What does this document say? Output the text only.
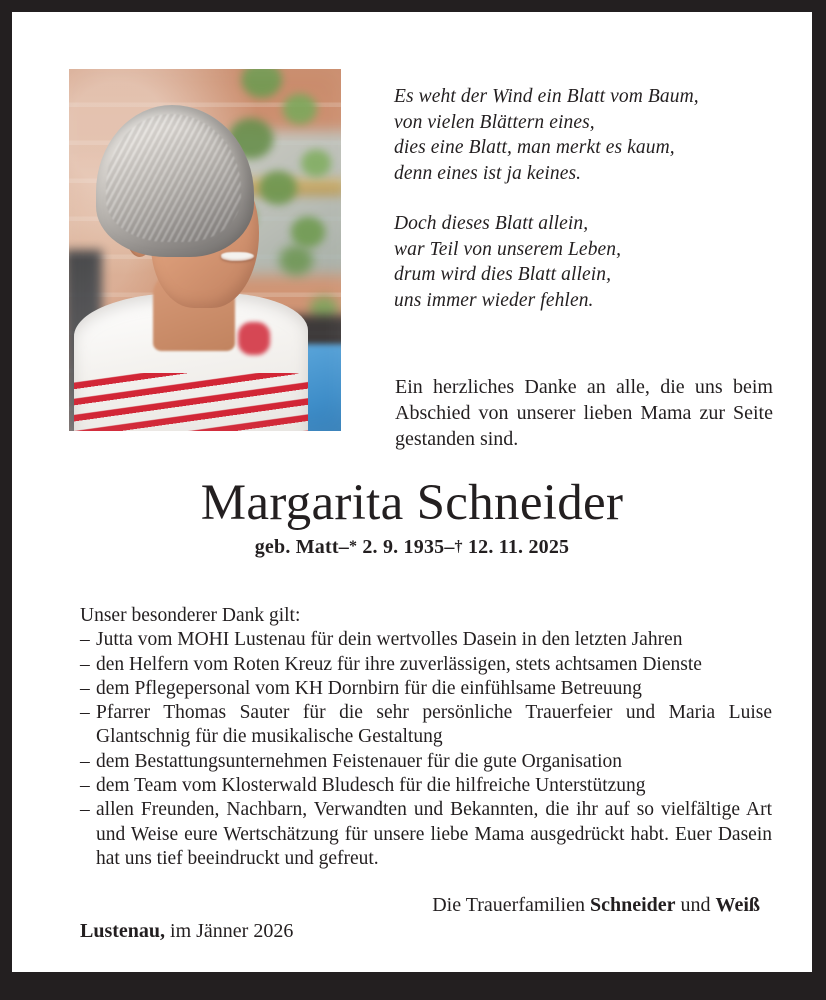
Es weht der Wind ein Blatt vom Baum,
von vielen Blättern eines,
dies eine Blatt, man merkt es kaum,
denn eines ist ja keines.
Doch dieses Blatt allein,
war Teil von unserem Leben,
drum wird dies Blatt allein,
uns immer wieder fehlen.
Ein herzliches Danke an alle, die uns beim Abschied von unserer lieben Mama zur Seite gestanden sind.
Margarita Schneider
geb. Matt–* 2. 9. 1935–† 12. 11. 2025

Unser besonderer Dank gilt:

– Jutta vom MOHI Lustenau für dein wertvolles Dasein in den letzten Jahren
– den Helfern vom Roten Kreuz für ihre zuverlässigen, stets achtsamen Dienste
– dem Pflegepersonal vom KH Dornbirn für die einfühlsame Betreuung
– Pfarrer Thomas Sauter für die sehr persönliche Trauerfeier und Maria Luise Glantschnig für die musikalische Gestaltung
– dem Bestattungsunternehmen Feistenauer für die gute Organisation
– dem Team vom Klosterwald Bludesch für die hilfreiche Unterstützung
– allen Freunden, Nachbarn, Verwandten und Bekannten, die ihr auf so vielfältige Art und Weise eure Wertschätzung für unsere liebe Mama ausgedrückt habt. Euer Dasein hat uns tief beeindruckt und gefreut.
Die Trauerfamilien Schneider und Weiß
Lustenau, im Jänner 2026
